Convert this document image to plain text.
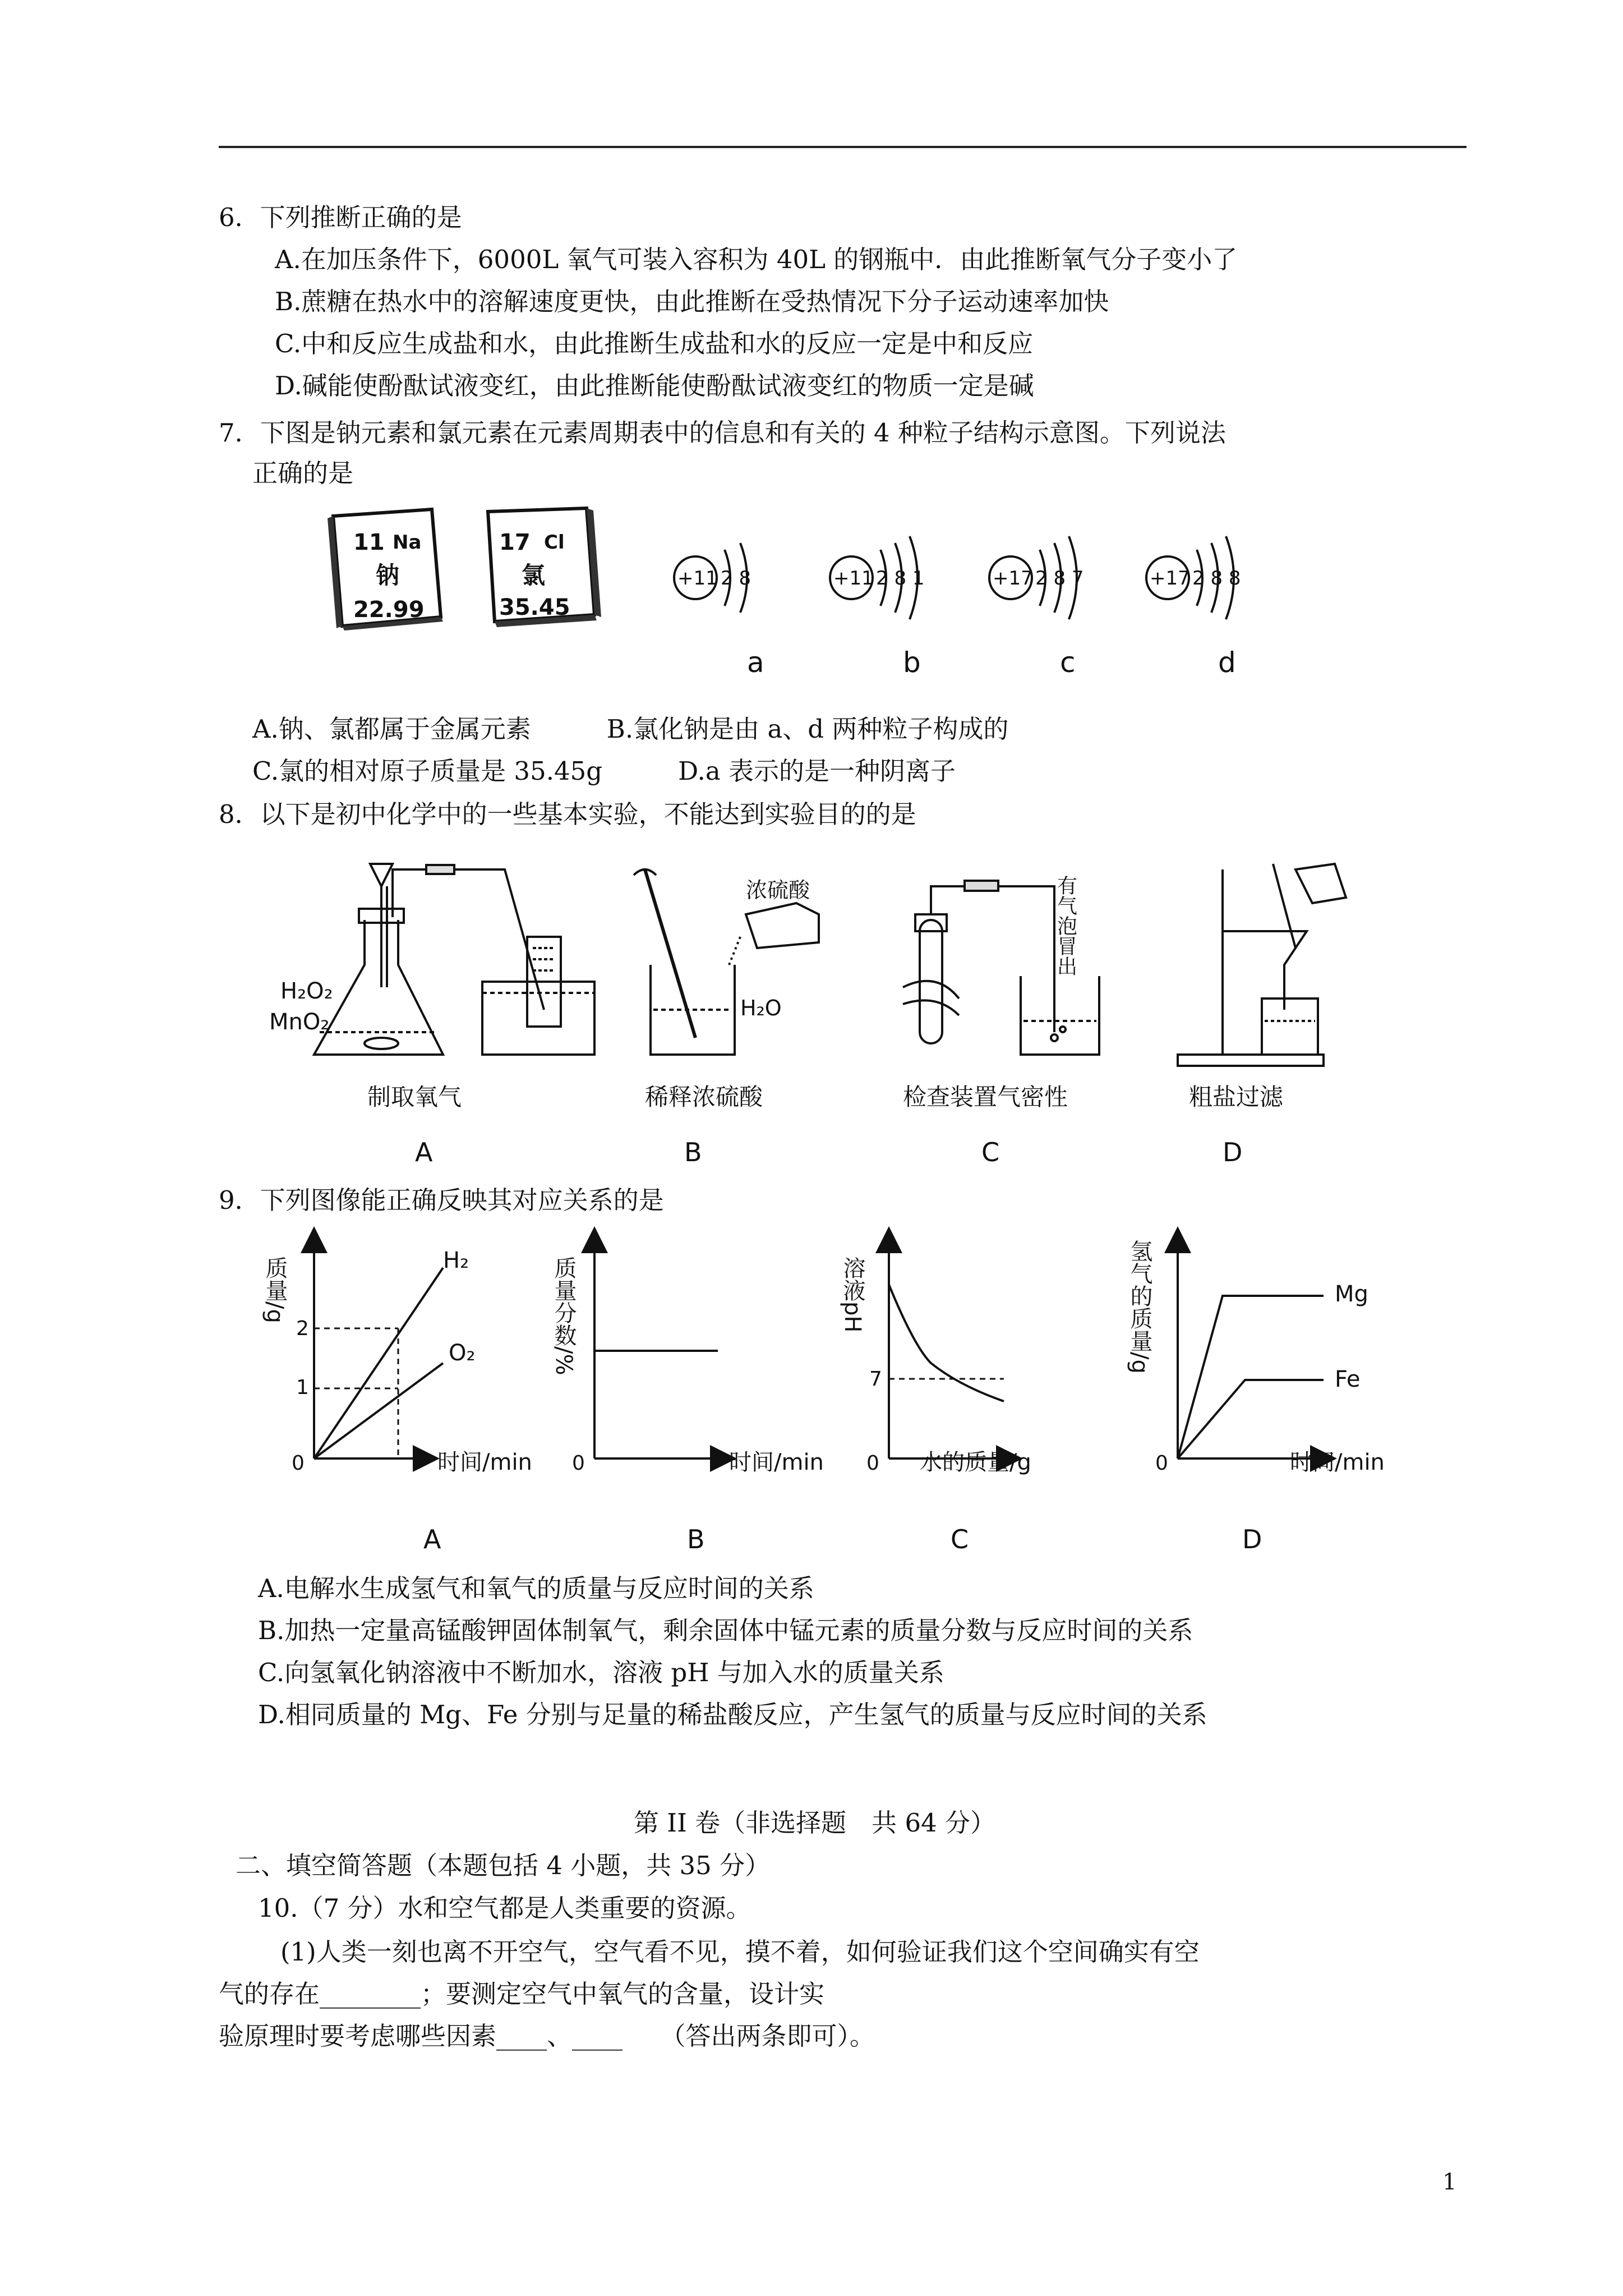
6．下列推断正确的是
A.在加压条件下，6000L 氧气可装入容积为 40L 的钢瓶中．由此推断氧气分子变小了
B.蔗糖在热水中的溶解速度更快，由此推断在受热情况下分子运动速率加快
C.中和反应生成盐和水，由此推断生成盐和水的反应一定是中和反应
D.碱能使酚酞试液变红，由此推断能使酚酞试液变红的物质一定是碱
7．下图是钠元素和氯元素在元素周期表中的信息和有关的 4 种粒子结构示意图。下列说法
正确的是
11 Na
钠
22.99
17 Cl
氯
35.45
+11 2 8
a
+11 2 8 1
b
+17 2 8 7
c
+17 2 8 8
d
A.钠、氯都属于金属元素　　　B.氯化钠是由 a、d 两种粒子构成的
C.氯的相对原子质量是 35.45g　　　D.a 表示的是一种阴离子
8．以下是初中化学中的一些基本实验，不能达到实验目的的是
H₂O₂
MnO₂
浓硫酸
H₂O
有气泡冒出
制取氧气	稀释浓硫酸	检查装置气密性	粗盐过滤
A	B	C	D
9．下列图像能正确反映其对应关系的是
质量/g
时间/min
0
2
1
H₂
O₂
A
质量分数/%
时间/min
0
B
溶液pH
水的质量/g
0
7
C
氢气的质量/g
时间/min
0
Mg
Fe
D
A.电解水生成氢气和氧气的质量与反应时间的关系
B.加热一定量高锰酸钾固体制氧气，剩余固体中锰元素的质量分数与反应时间的关系
C.向氢氧化钠溶液中不断加水，溶液 pH 与加入水的质量关系
D.相同质量的 Mg、Fe 分别与足量的稀盐酸反应，产生氢气的质量与反应时间的关系
第 II 卷（非选择题　共 64 分）
二、填空简答题（本题包括 4 小题，共 35 分）
10.（7 分）水和空气都是人类重要的资源。
(1)人类一刻也离不开空气，空气看不见，摸不着，如何验证我们这个空间确实有空
气的存在________；要测定空气中氧气的含量，设计实
验原理时要考虑哪些因素____、____　　（答出两条即可）。
1
